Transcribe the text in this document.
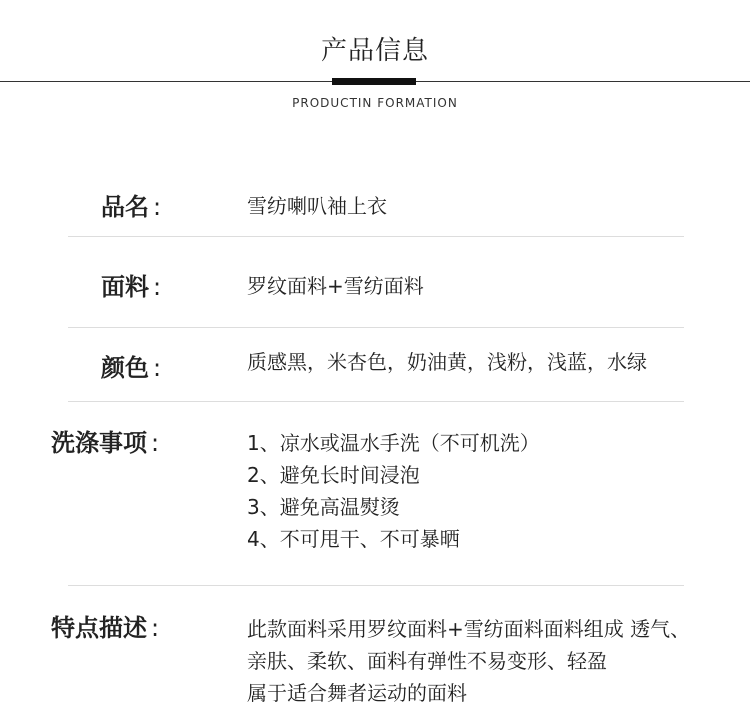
产品信息
PRODUCTIN FORMATION
品名 :	雪纺喇叭袖上衣
面料 :	罗纹面料+雪纺面料
颜色 :	质感黑，米杏色，奶油黄，浅粉，浅蓝，水绿
洗涤事项 :	1、凉水或温水手洗（不可机洗）
2、避免长时间浸泡
3、避免高温熨烫
4、不可甩干、不可暴晒
特点描述 :	此款面料采用罗纹面料+雪纺面料面料组成 透气、
亲肤、柔软、面料有弹性不易变形、轻盈
属于适合舞者运动的面料
